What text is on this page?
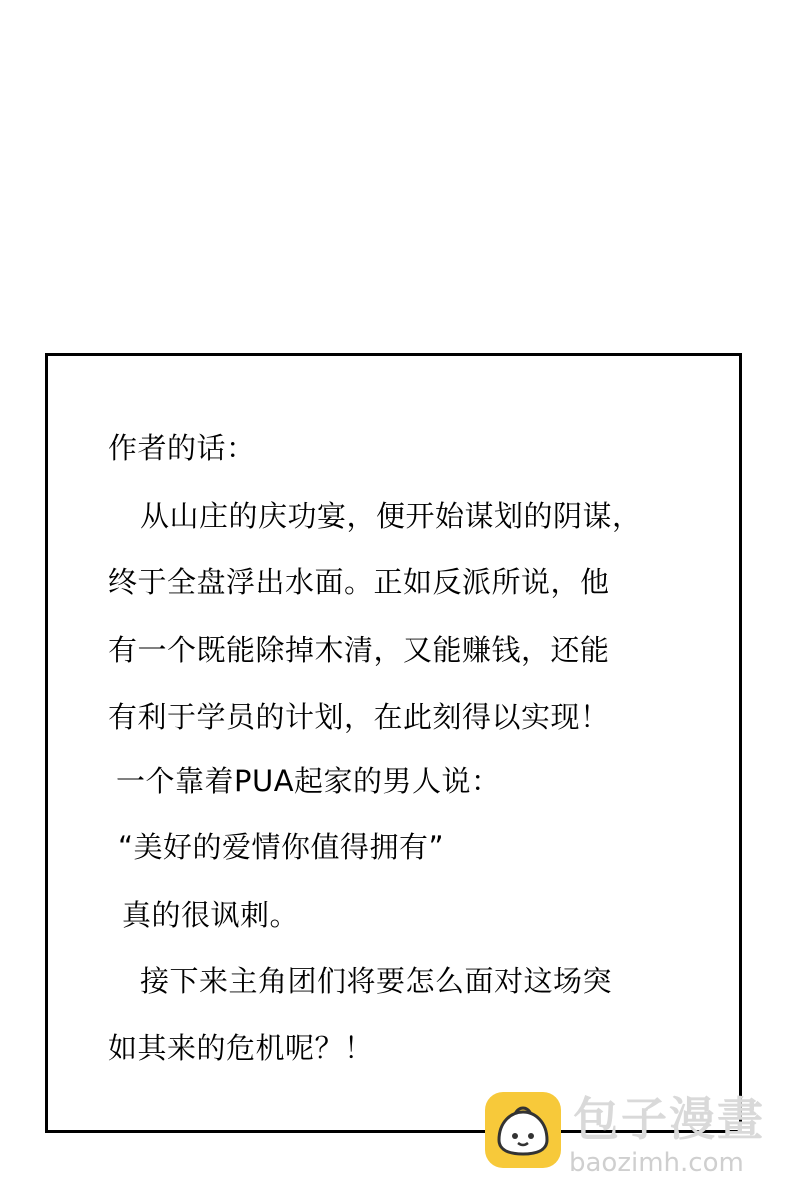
作者的话：
从山庄的庆功宴，便开始谋划的阴谋，
终于全盘浮出水面。正如反派所说，他
有一个既能除掉木清，又能赚钱，还能
有利于学员的计划，在此刻得以实现！
一个靠着PUA起家的男人说：
“美好的爱情你值得拥有”
真的很讽刺。
接下来主角团们将要怎么面对这场突
如其来的危机呢？！
包子漫畫
baozimh.com
